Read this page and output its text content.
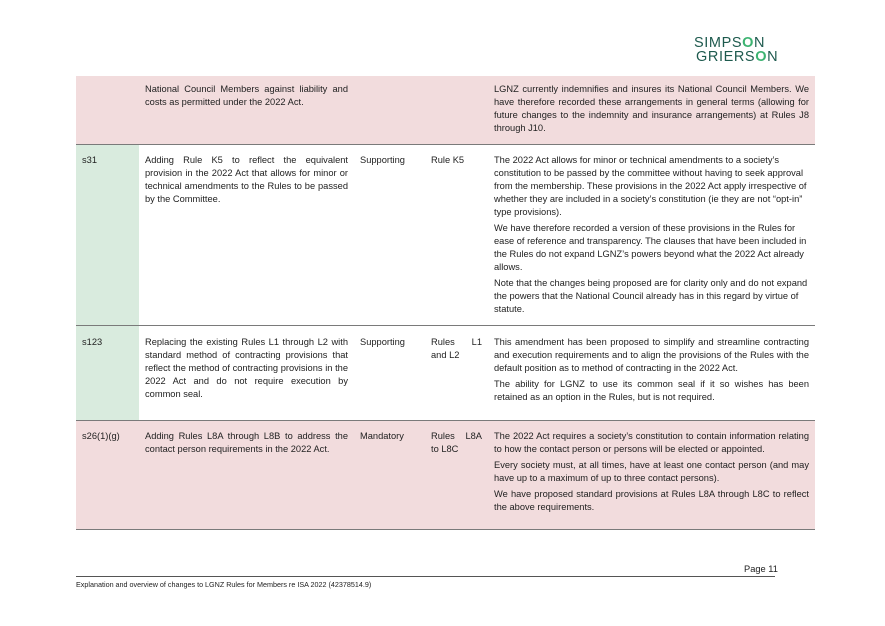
SIMPSON
GRIERSON
	National Council Members against liability and costs as permitted under the 2022 Act.			LGNZ currently indemnifies and insures its National Council Members. We have therefore recorded these arrangements in general terms (allowing for future changes to the indemnity and insurance arrangements) at Rules J8 through J10.

s31	Adding Rule K5 to reflect the equivalent provision in the 2022 Act that allows for minor or technical amendments to the Rules to be passed by the Committee.	Supporting	Rule K5	The 2022 Act allows for minor or technical amendments to a society’s constitution to be passed by the committee without having to seek approval from the membership. These provisions in the 2022 Act apply irrespective of whether they are included in a society’s constitution (ie they are not “opt-in” type provisions).

We have therefore recorded a version of these provisions in the Rules for ease of reference and transparency. The clauses that have been included in the Rules do not expand LGNZ’s powers beyond what the 2022 Act already allows.

Note that the changes being proposed are for clarity only and do not expand the powers that the National Council already has in this regard by virtue of statute.

s123	Replacing the existing Rules L1 through L2 with standard method of contracting provisions that reflect the method of contracting provisions in the 2022 Act and do not require execution by common seal.	Supporting	Rules L1 and L2	This amendment has been proposed to simplify and streamline contracting and execution requirements and to align the provisions of the Rules with the default position as to method of contracting in the 2022 Act.

The ability for LGNZ to use its common seal if it so wishes has been retained as an option in the Rules, but is not required.

s26(1)(g)	Adding Rules L8A through L8B to address the contact person requirements in the 2022 Act.	Mandatory	Rules L8A to L8C	The 2022 Act requires a society’s constitution to contain information relating to how the contact person or persons will be elected or appointed.

Every society must, at all times, have at least one contact person (and may have up to a maximum of up to three contact persons).

We have proposed standard provisions at Rules L8A through L8C to reflect the above requirements.

Page 11
Explanation and overview of changes to LGNZ Rules for Members re ISA 2022 (42378514.9)
